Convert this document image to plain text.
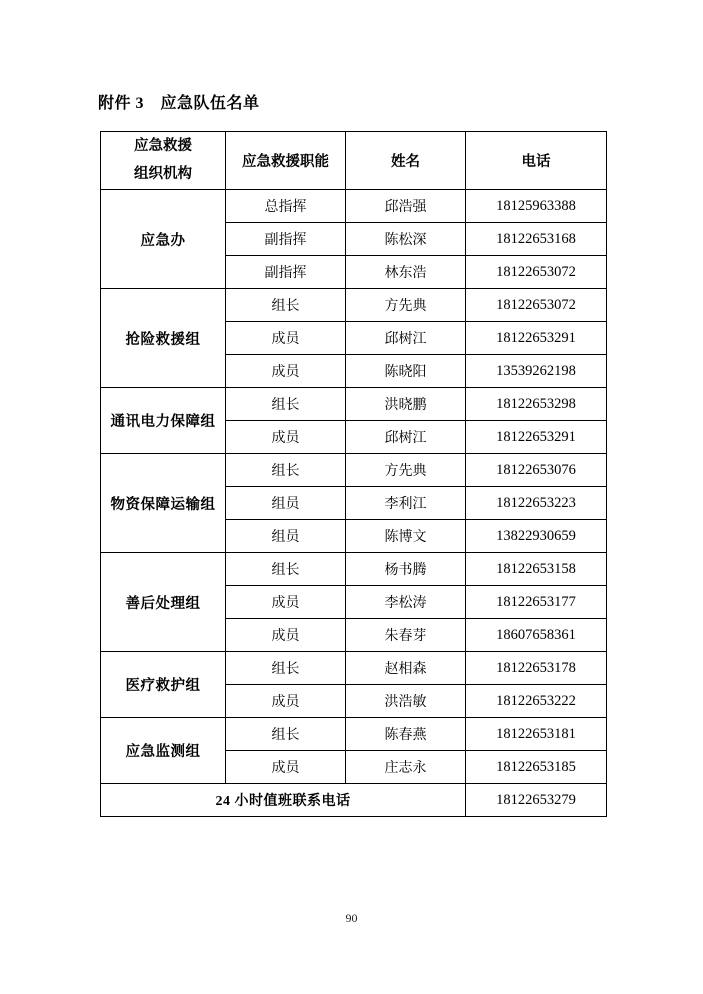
附件 3　应急队伍名单
应急救援
组织机构	应急救援职能	姓名	电话
应急办	总指挥	邱浩强	18125963388
	副指挥	陈松深	18122653168
	副指挥	林东浩	18122653072
抢险救援组	组长	方先典	18122653072
	成员	邱树江	18122653291
	成员	陈晓阳	13539262198
通讯电力保障组	组长	洪晓鹏	18122653298
	成员	邱树江	18122653291
物资保障运输组	组长	方先典	18122653076
	组员	李利江	18122653223
	组员	陈博文	13822930659
善后处理组	组长	杨书腾	18122653158
	成员	李松涛	18122653177
	成员	朱春芽	18607658361
医疗救护组	组长	赵相森	18122653178
	成员	洪浩敏	18122653222
应急监测组	组长	陈春燕	18122653181
	成员	庄志永	18122653185
24 小时值班联系电话			18122653279
90
